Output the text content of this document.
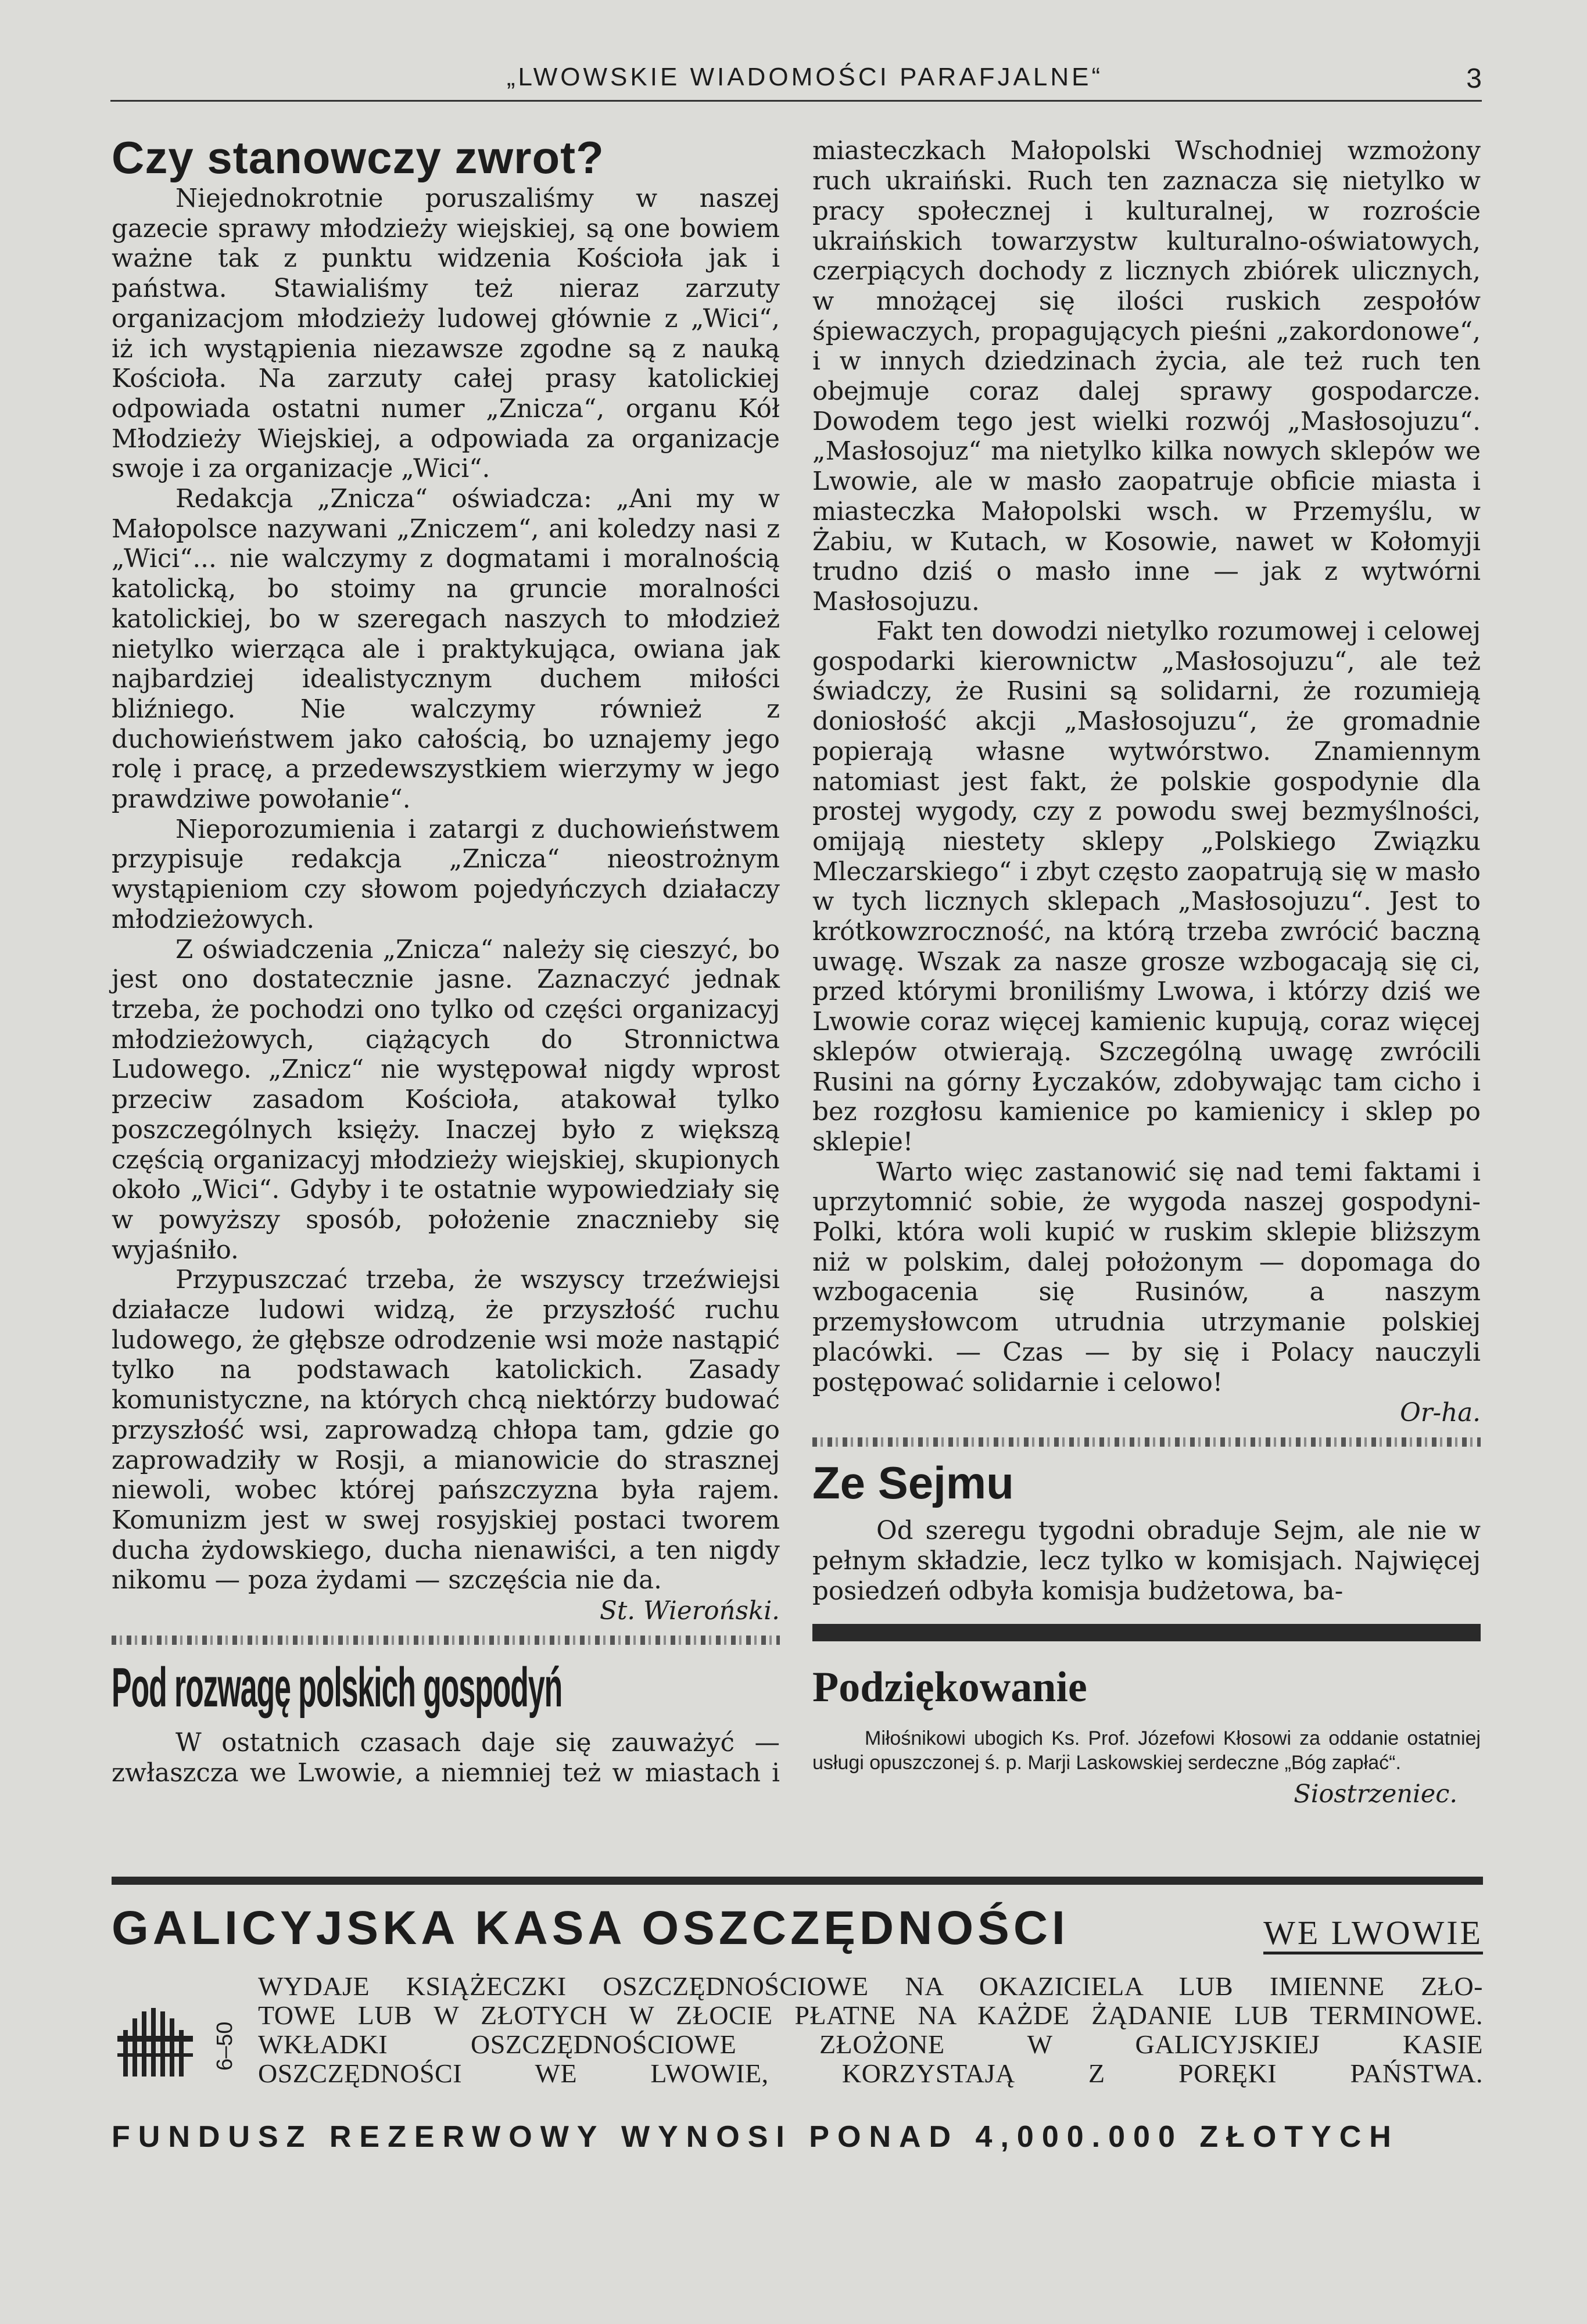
„LWOWSKIE WIADOMOŚCI PARAFJALNE“	3
Czy stanowczy zwrot?

Niejednokrotnie poruszaliśmy w naszej gazecie sprawy młodzieży wiejskiej, są one bowiem ważne tak z punktu widzenia Kościoła jak i państwa. Stawialiśmy też nieraz zarzuty organizacjom młodzieży ludowej głównie z „Wici“, iż ich wystąpienia niezawsze zgodne są z nauką Kościoła. Na zarzuty całej prasy katolickiej odpowiada ostatni numer „Znicza“, organu Kół Młodzieży Wiejskiej, a odpowiada za organizacje swoje i za organizacje „Wici“.

Redakcja „Znicza“ oświadcza: „Ani my w Małopolsce nazywani „Zniczem“, ani koledzy nasi z „Wici“... nie walczymy z dogmatami i moralnością katolicką, bo stoimy na gruncie moralności katolickiej, bo w szeregach naszych to młodzież nietylko wierząca ale i praktykująca, owiana jak najbardziej idealistycznym duchem miłości bliźniego. Nie walczymy również z duchowieństwem jako całością, bo uznajemy jego rolę i pracę, a przedewszystkiem wierzymy w jego prawdziwe powołanie“.

Nieporozumienia i zatargi z duchowieństwem przypisuje redakcja „Znicza“ nieostrożnym wystąpieniom czy słowom pojedyńczych działaczy młodzieżowych.

Z oświadczenia „Znicza“ należy się cieszyć, bo jest ono dostatecznie jasne. Zaznaczyć jednak trzeba, że pochodzi ono tylko od części organizacyj młodzieżowych, ciążących do Stronnictwa Ludowego. „Znicz“ nie występował nigdy wprost przeciw zasadom Kościoła, atakował tylko poszczególnych księży. Inaczej było z większą częścią organizacyj młodzieży wiejskiej, skupionych około „Wici“. Gdyby i te ostatnie wypowiedziały się w powyższy sposób, położenie znacznieby się wyjaśniło.

Przypuszczać trzeba, że wszyscy trzeźwiejsi działacze ludowi widzą, że przyszłość ruchu ludowego, że głębsze odrodzenie wsi może nastąpić tylko na podstawach katolickich. Zasady komunistyczne, na których chcą niektórzy budować przyszłość wsi, zaprowadzą chłopa tam, gdzie go zaprowadziły w Rosji, a mianowicie do strasznej niewoli, wobec której pańszczyzna była rajem. Komunizm jest w swej rosyjskiej postaci tworem ducha żydowskiego, ducha nienawiści, a ten nigdy nikomu — poza żydami — szczęścia nie da.

St. Wieroński.
Pod rozwagę polskich gospodyń

W ostatnich czasach daje się zauważyć — zwłaszcza we Lwowie, a niemniej też w miastach i

miasteczkach Małopolski Wschodniej wzmożony ruch ukraiński. Ruch ten zaznacza się nietylko w pracy społecznej i kulturalnej, w rozroście ukraińskich towarzystw kulturalno-oświatowych, czerpiących dochody z licznych zbiórek ulicznych, w mnożącej się ilości ruskich zespołów śpiewaczych, propagujących pieśni „zakordonowe“, i w innych dziedzinach życia, ale też ruch ten obejmuje coraz dalej sprawy gospodarcze. Dowodem tego jest wielki rozwój „Masłosojuzu“. „Masłosojuz“ ma nietylko kilka nowych sklepów we Lwowie, ale w masło zaopatruje obficie miasta i miasteczka Małopolski wsch. w Przemyślu, w Żabiu, w Kutach, w Kosowie, nawet w Kołomyji trudno dziś o masło inne — jak z wytwórni Masłosojuzu.

Fakt ten dowodzi nietylko rozumowej i celowej gospodarki kierownictw „Masłosojuzu“, ale też świadczy, że Rusini są solidarni, że rozumieją doniosłość akcji „Masłosojuzu“, że gromadnie popierają własne wytwórstwo. Znamiennym natomiast jest fakt, że polskie gospodynie dla prostej wygody, czy z powodu swej bezmyślności, omijają niestety sklepy „Polskiego Związku Mleczarskiego“ i zbyt często zaopatrują się w masło w tych licznych sklepach „Masłosojuzu“. Jest to krótkowzroczność, na którą trzeba zwrócić baczną uwagę. Wszak za nasze grosze wzbogacają się ci, przed którymi broniliśmy Lwowa, i którzy dziś we Lwowie coraz więcej kamienic kupują, coraz więcej sklepów otwierają. Szczególną uwagę zwrócili Rusini na górny Łyczaków, zdobywając tam cicho i bez rozgłosu kamienice po kamienicy i sklep po sklepie!

Warto więc zastanowić się nad temi faktami i uprzytomnić sobie, że wygoda naszej gospodyni-Polki, która woli kupić w ruskim sklepie bliższym niż w polskim, dalej położonym — dopomaga do wzbogacenia się Rusinów, a naszym przemysłowcom utrudnia utrzymanie polskiej placówki. — Czas — by się i Polacy nauczyli postępować solidarnie i celowo!

Or-ha.
Ze Sejmu

Od szeregu tygodni obraduje Sejm, ale nie w pełnym składzie, lecz tylko w komisjach. Najwięcej posiedzeń odbyła komisja budżetowa, ba-

Podziękowanie

Miłośnikowi ubogich Ks. Prof. Józefowi Kłosowi za oddanie ostatniej usługi opuszczonej ś. p. Marji Laskowskiej serdeczne „Bóg zapłać“.

Siostrzeniec.
GALICYJSKA KASA OSZCZĘDNOŚCI	WE LWOWIE
6–50
WYDAJE KSIĄŻECZKI OSZCZĘDNOŚCIOWE NA OKAZICIELA LUB IMIENNE ZŁO-
TOWE LUB W ZŁOTYCH W ZŁOCIE PŁATNE NA KAŻDE ŻĄDANIE LUB TERMINOWE.
WKŁADKI OSZCZĘDNOŚCIOWE ZŁOŻONE W GALICYJSKIEJ KASIE
OSZCZĘDNOŚCI WE LWOWIE, KORZYSTAJĄ Z PORĘKI PAŃSTWA.
FUNDUSZ REZERWOWY WYNOSI PONAD 4,000.000 ZŁOTYCH
